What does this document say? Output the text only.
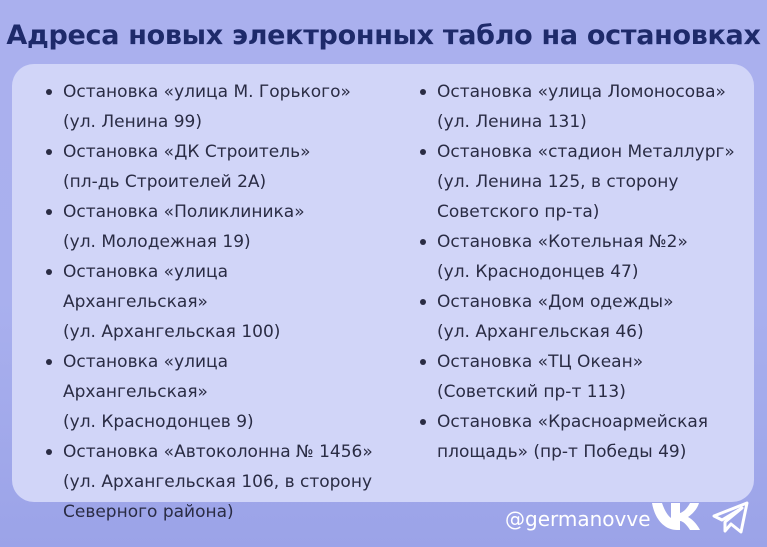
Адреса новых электронных табло на остановках
Остановка «улица М. Горького»
(ул. Ленина 99)
Остановка «ДК Строитель»
(пл-дь Строителей 2А)
Остановка «Поликлиника»
(ул. Молодежная 19)
Остановка «улица Архангельская»
(ул. Архангельская 100)
Остановка «улица Архангельская»
(ул. Краснодонцев 9)
Остановка «Автоколонна № 1456»
(ул. Архангельская 106, в сторону
Северного района)
Остановка «улица Ломоносова»
(ул. Ленина 131)
Остановка «стадион Металлург»
(ул. Ленина 125, в сторону
Советского пр-та)
Остановка «Котельная №2»
(ул. Краснодонцев 47)
Остановка «Дом одежды»
(ул. Архангельская 46)
Остановка «ТЦ Океан»
(Советский пр-т 113)
Остановка «Красноармейская
площадь» (пр-т Победы 49)
@germanovve
